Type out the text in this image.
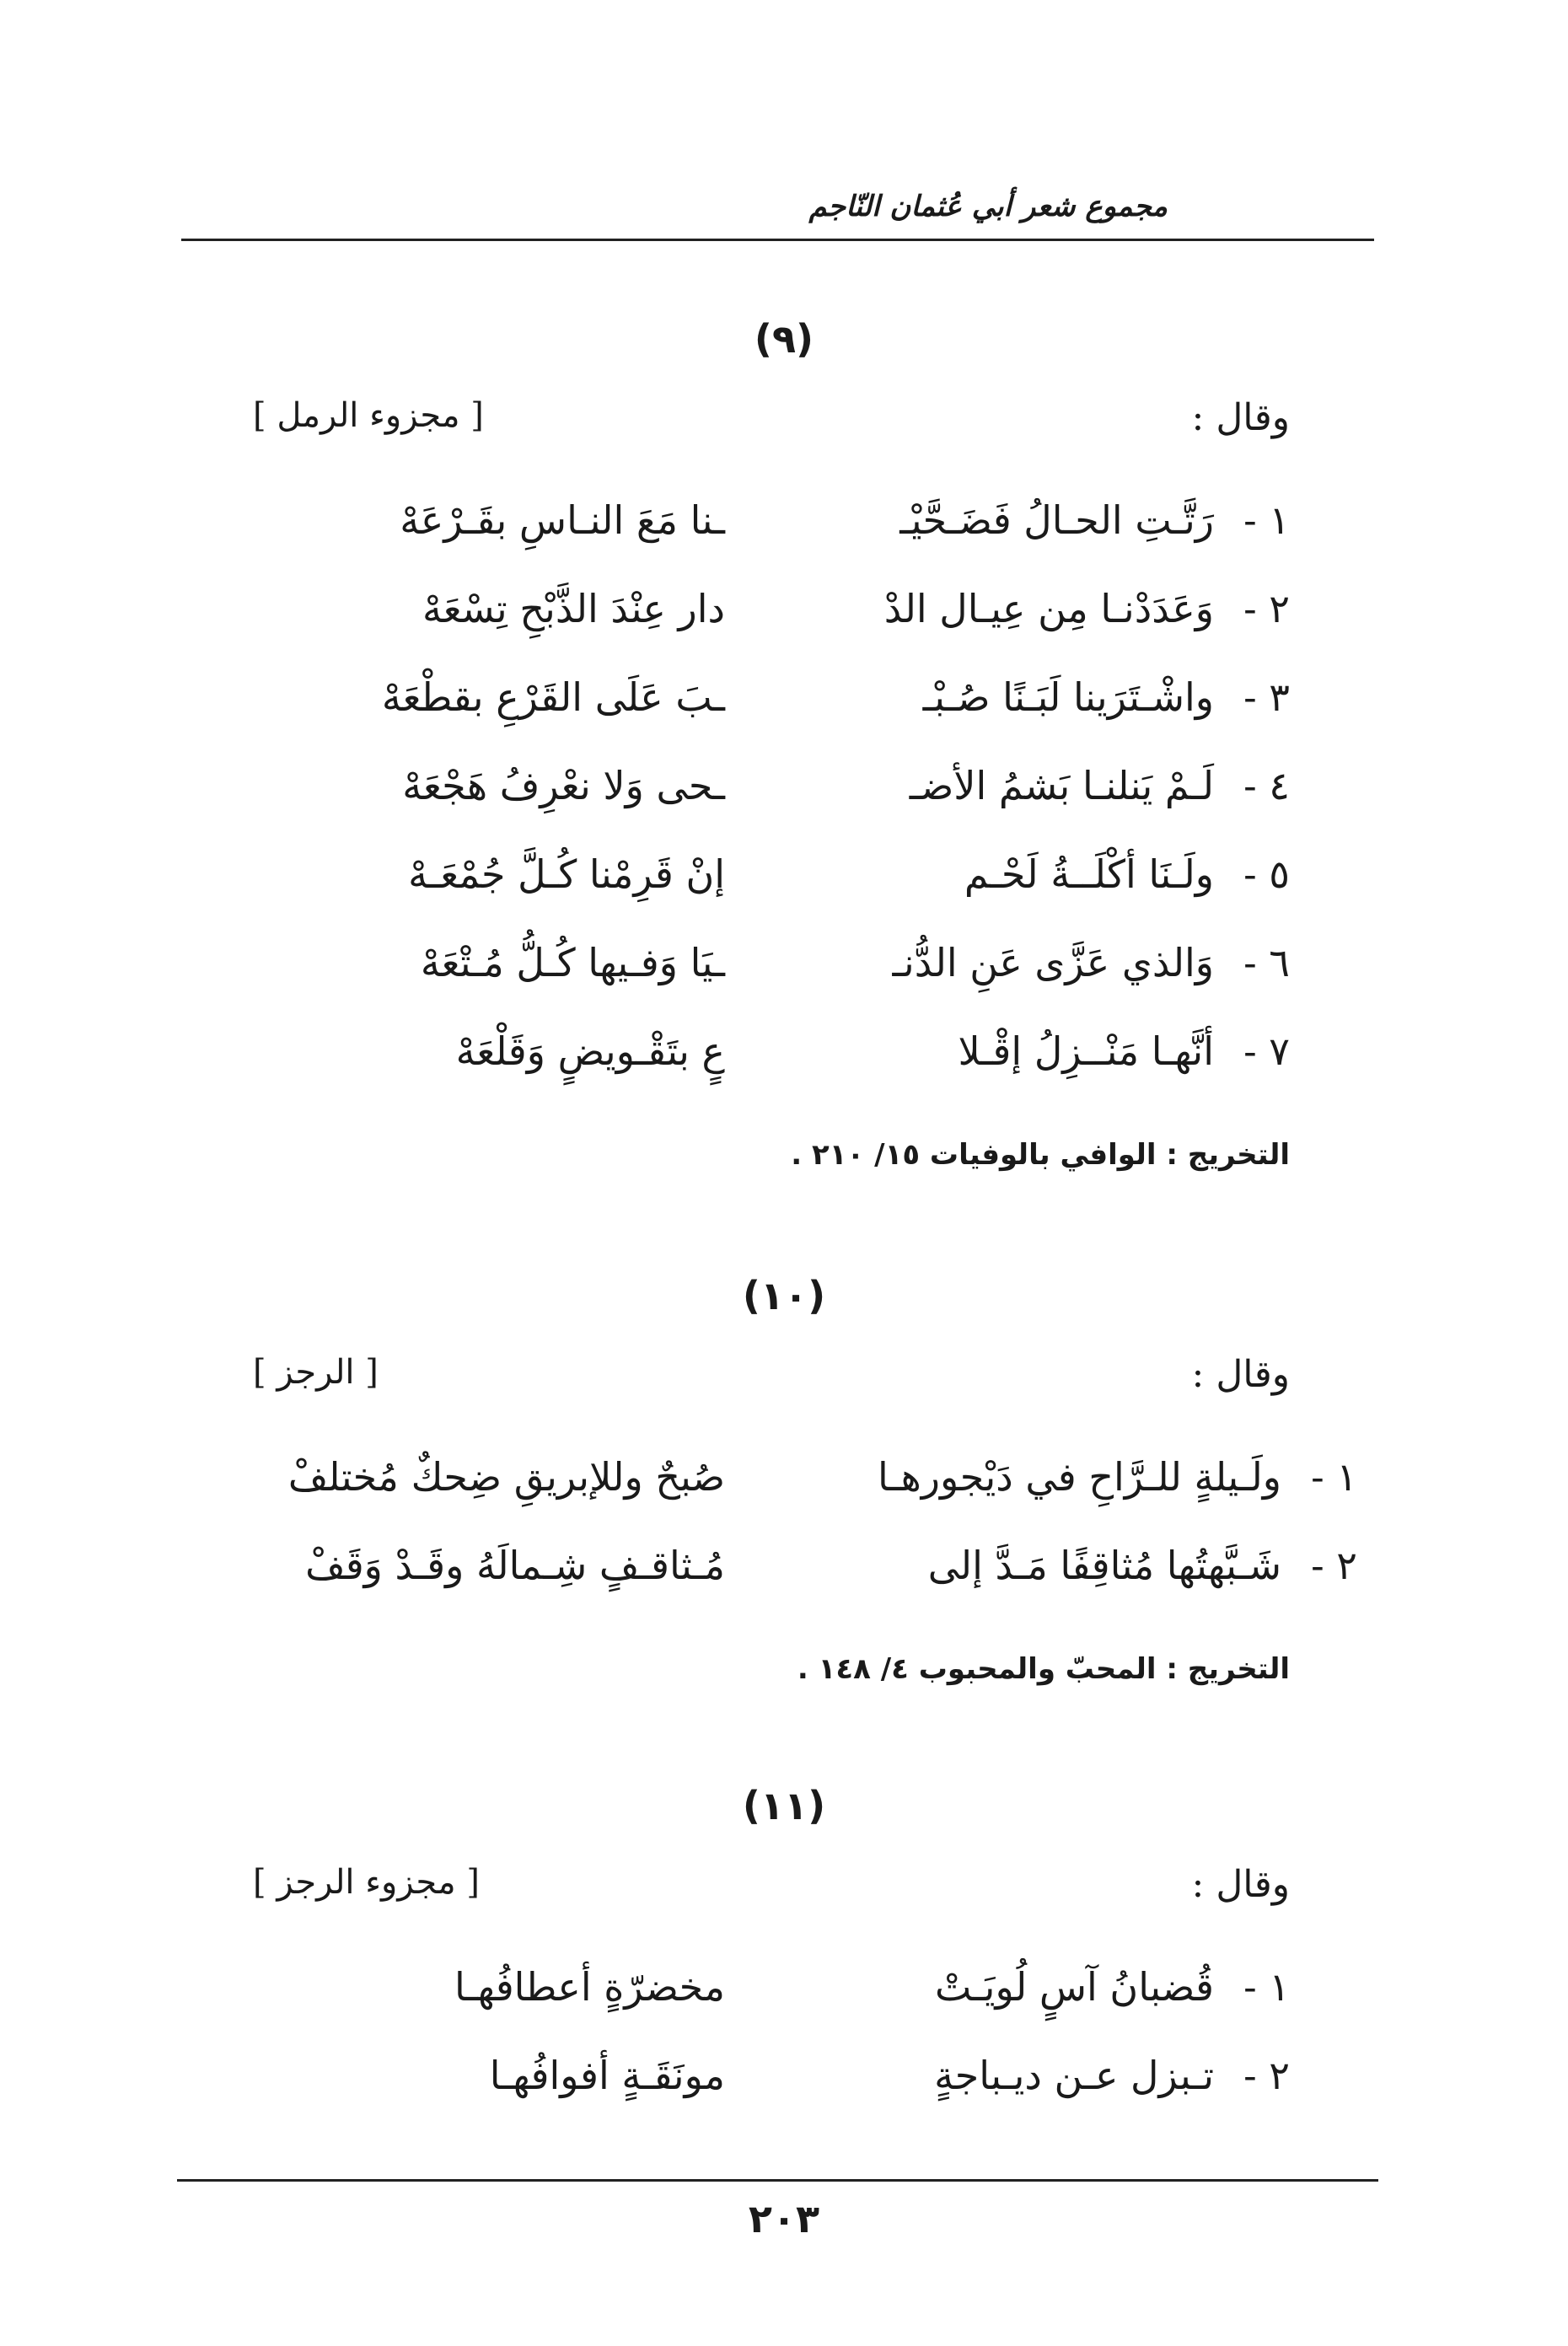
مجموع شعر أبي عُثمان النّاجم
(٩)
وقال :
[ مجزوء الرمل ]
١ -
رَتَّـتِ الحـالُ فَضَـحَّيْـ
ـنا مَعَ النـاسِ بقَـرْعَهْ
٢ -
وَعَدَدْنـا مِن عِيـال الدْ
دار عِنْدَ الذَّبْحِ تِسْعَهْ
٣ -
واشْـتَرَينا لَبَـنًا صُـبْـ
ـبَ عَلَى القَرْعِ بقطْعَهْ
٤ -
لَـمْ يَنلنـا بَشمُ الأضـ
ـحى وَلا نعْرِفُ هَجْعَهْ
٥ -
ولَـنَا أكْلَــةُ لَحْـم
إنْ قَرِمْنا كُـلَّ جُمْعَـهْ
٦ -
وَالذي عَزَّى عَنِ الدُّنـ
ـيَا وَفـيها كُـلُّ مُـتْعَهْ
٧ -
أنَّهـا مَنْــزِلُ إقْـلا
عٍ بتَقْـويضٍ وَقَلْعَهْ
التخريج : الوافي بالوفيات ١٥/ ٢١٠ .
(١٠)
وقال :
[ الرجز ]
١ -
ولَـيلةٍ للـرَّاحِ في دَيْجورهـا
صُبحٌ وللإبريقِ ضِحكٌ مُختلفْ
٢ -
شَـبَّهتُها مُثاقِفًا مَـدَّ إلى
مُـثاقـفٍ شِـمالَهُ وقَـدْ وَقَفْ
التخريج : المحبّ والمحبوب ٤/ ١٤٨ .
(١١)
وقال :
[ مجزوء الرجز ]
١ -
قُضبانُ آسٍ لُويَـتْ
مخضرّةٍ أعطافُهـا
٢ -
تـبزل عـن ديـباجةٍ
مونَقَـةٍ أفوافُهـا
٢٠٣
